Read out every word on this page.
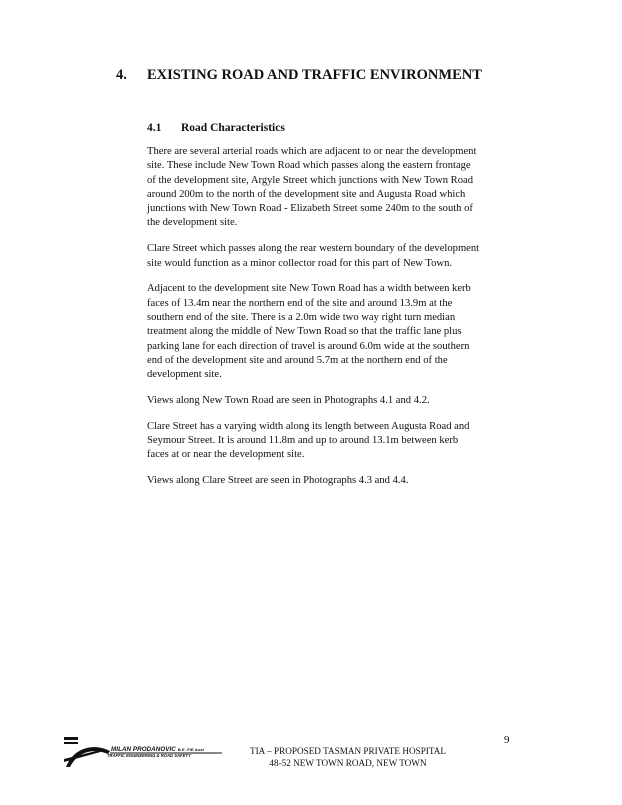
4. EXISTING ROAD AND TRAFFIC ENVIRONMENT
4.1 Road Characteristics

There are several arterial roads which are adjacent to or near the development
site. These include New Town Road which passes along the eastern frontage
of the development site, Argyle Street which junctions with New Town Road
around 200m to the north of the development site and Augusta Road which
junctions with New Town Road - Elizabeth Street some 240m to the south of
the development site.

Clare Street which passes along the rear western boundary of the development
site would function as a minor collector road for this part of New Town.

Adjacent to the development site New Town Road has a width between kerb
faces of 13.4m near the northern end of the site and around 13.9m at the
southern end of the site. There is a 2.0m wide two way right turn median
treatment along the middle of New Town Road so that the traffic lane plus
parking lane for each direction of travel is around 6.0m wide at the southern
end of the development site and around 5.7m at the northern end of the
development site.

Views along New Town Road are seen in Photographs 4.1 and 4.2.

Clare Street has a varying width along its length between Augusta Road and
Seymour Street. It is around 11.8m and up to around 13.1m between kerb
faces at or near the development site.

Views along Clare Street are seen in Photographs 4.3 and 4.4.

MILAN PRODANOVIC B.E. FIE Aust
TRAFFIC ENGINEERING & ROAD SAFETY
9
TIA – PROPOSED TASMAN PRIVATE HOSPITAL
48-52 NEW TOWN ROAD, NEW TOWN
